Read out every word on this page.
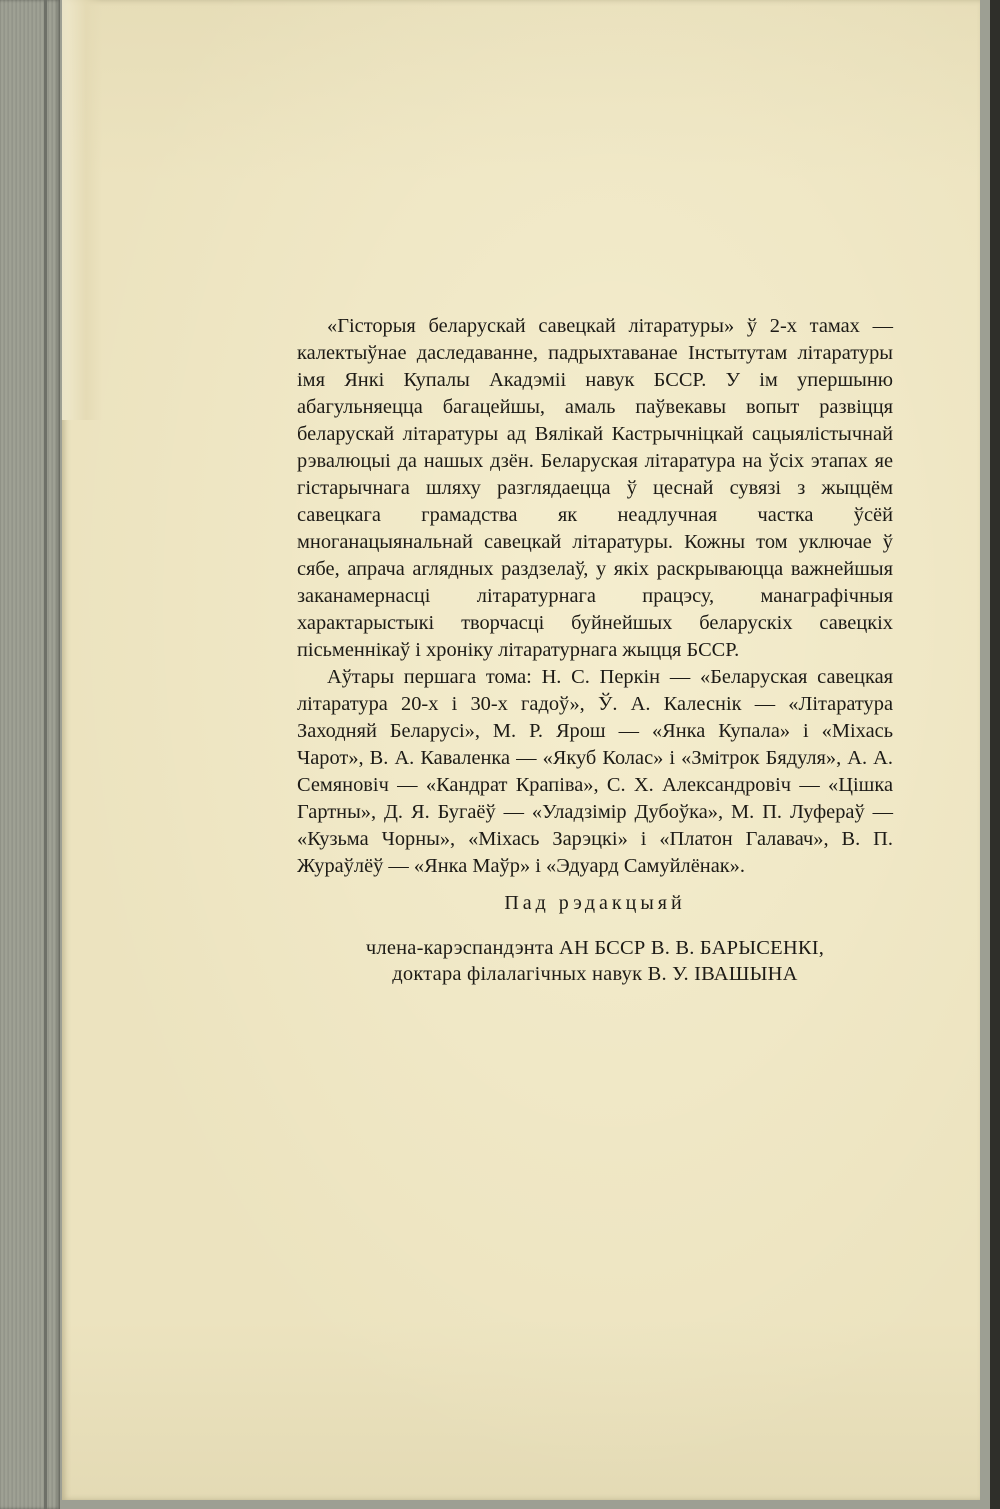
«Гісторыя беларускай савецкай літаратуры» ў 2-х тамах — калектыўнае даследаванне, падрыхтаванае Інстытутам літаратуры імя Янкі Купалы Акадэміі навук БССР. У ім упершыню абагульняецца багацейшы, амаль паўвекавы вопыт развіцця беларускай літаратуры ад Вялікай Кастрычніцкай сацыялістычнай рэвалюцыі да нашых дзён. Беларуская літаратура на ўсіх этапах яе гістарычнага шляху разглядаецца ў цеснай сувязі з жыццём савецкага грамадства як неадлучная частка ўсёй многанацыянальнай савецкай літаратуры. Кожны том уключае ў сябе, апрача аглядных раздзелаў, у якіх раскрываюцца важнейшыя заканамернасці літаратурнага працэсу, манаграфічныя характарыстыкі творчасці буйнейшых беларускіх савецкіх пісьменнікаў і хроніку літаратурнага жыцця БССР.

Аўтары першага тома: Н. С. Перкін — «Беларуская савецкая літаратура 20-х і 30-х гадоў», Ў. А. Калеснік — «Літаратура Заходняй Беларусі», М. Р. Ярош — «Янка Купала» і «Міхась Чарот», В. А. Каваленка — «Якуб Колас» і «Змітрок Бядуля», А. А. Семяновіч — «Кандрат Крапіва», С. Х. Александровіч — «Цішка Гартны», Д. Я. Бугаёў — «Уладзімір Дубоўка», М. П. Луфераў — «Кузьма Чорны», «Міхась Зарэцкі» і «Платон Галавач», В. П. Жураўлёў — «Янка Маўр» і «Эдуард Самуйлёнак».

Пад рэдакцыяй
члена-карэспандэнта АН БССР В. В. БАРЫСЕНКІ,
доктара філалагічных навук В. У. ІВАШЫНА
